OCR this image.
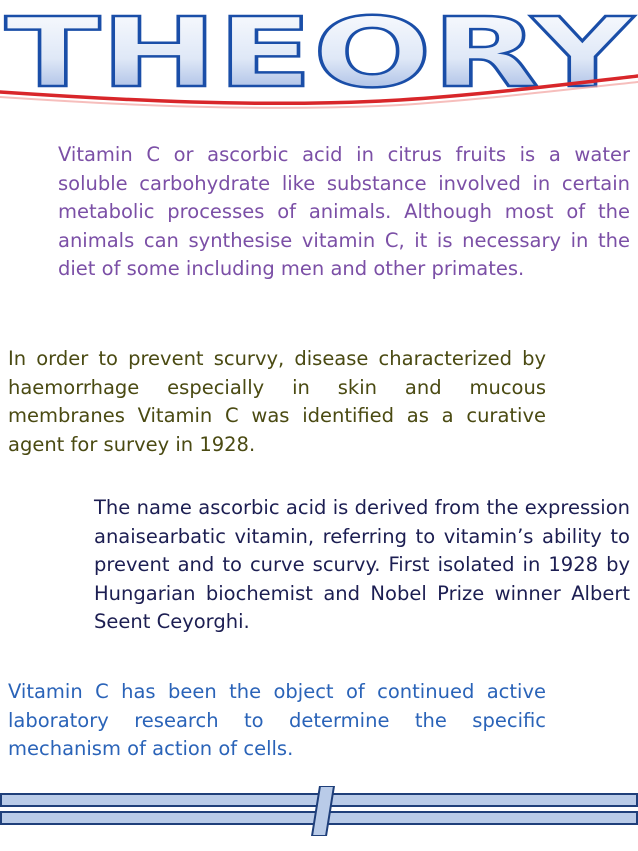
THEORY

Vitamin C or ascorbic acid in citrus fruits is a water soluble carbohydrate like substance involved in certain metabolic processes of animals. Although most of the animals can synthesise vitamin C, it is necessary in the diet of some including men and other primates.

In order to prevent scurvy, disease characterized by haemorrhage especially in skin and mucous membranes Vitamin C was identified as a curative agent for survey in 1928.

The name ascorbic acid is derived from the expression anaisearbatic vitamin, referring to vitamin’s ability to prevent and to curve scurvy. First isolated in 1928 by Hungarian biochemist and Nobel Prize winner Albert Seent Ceyorghi.

Vitamin C has been the object of continued active laboratory research to determine the specific mechanism of action of cells.
